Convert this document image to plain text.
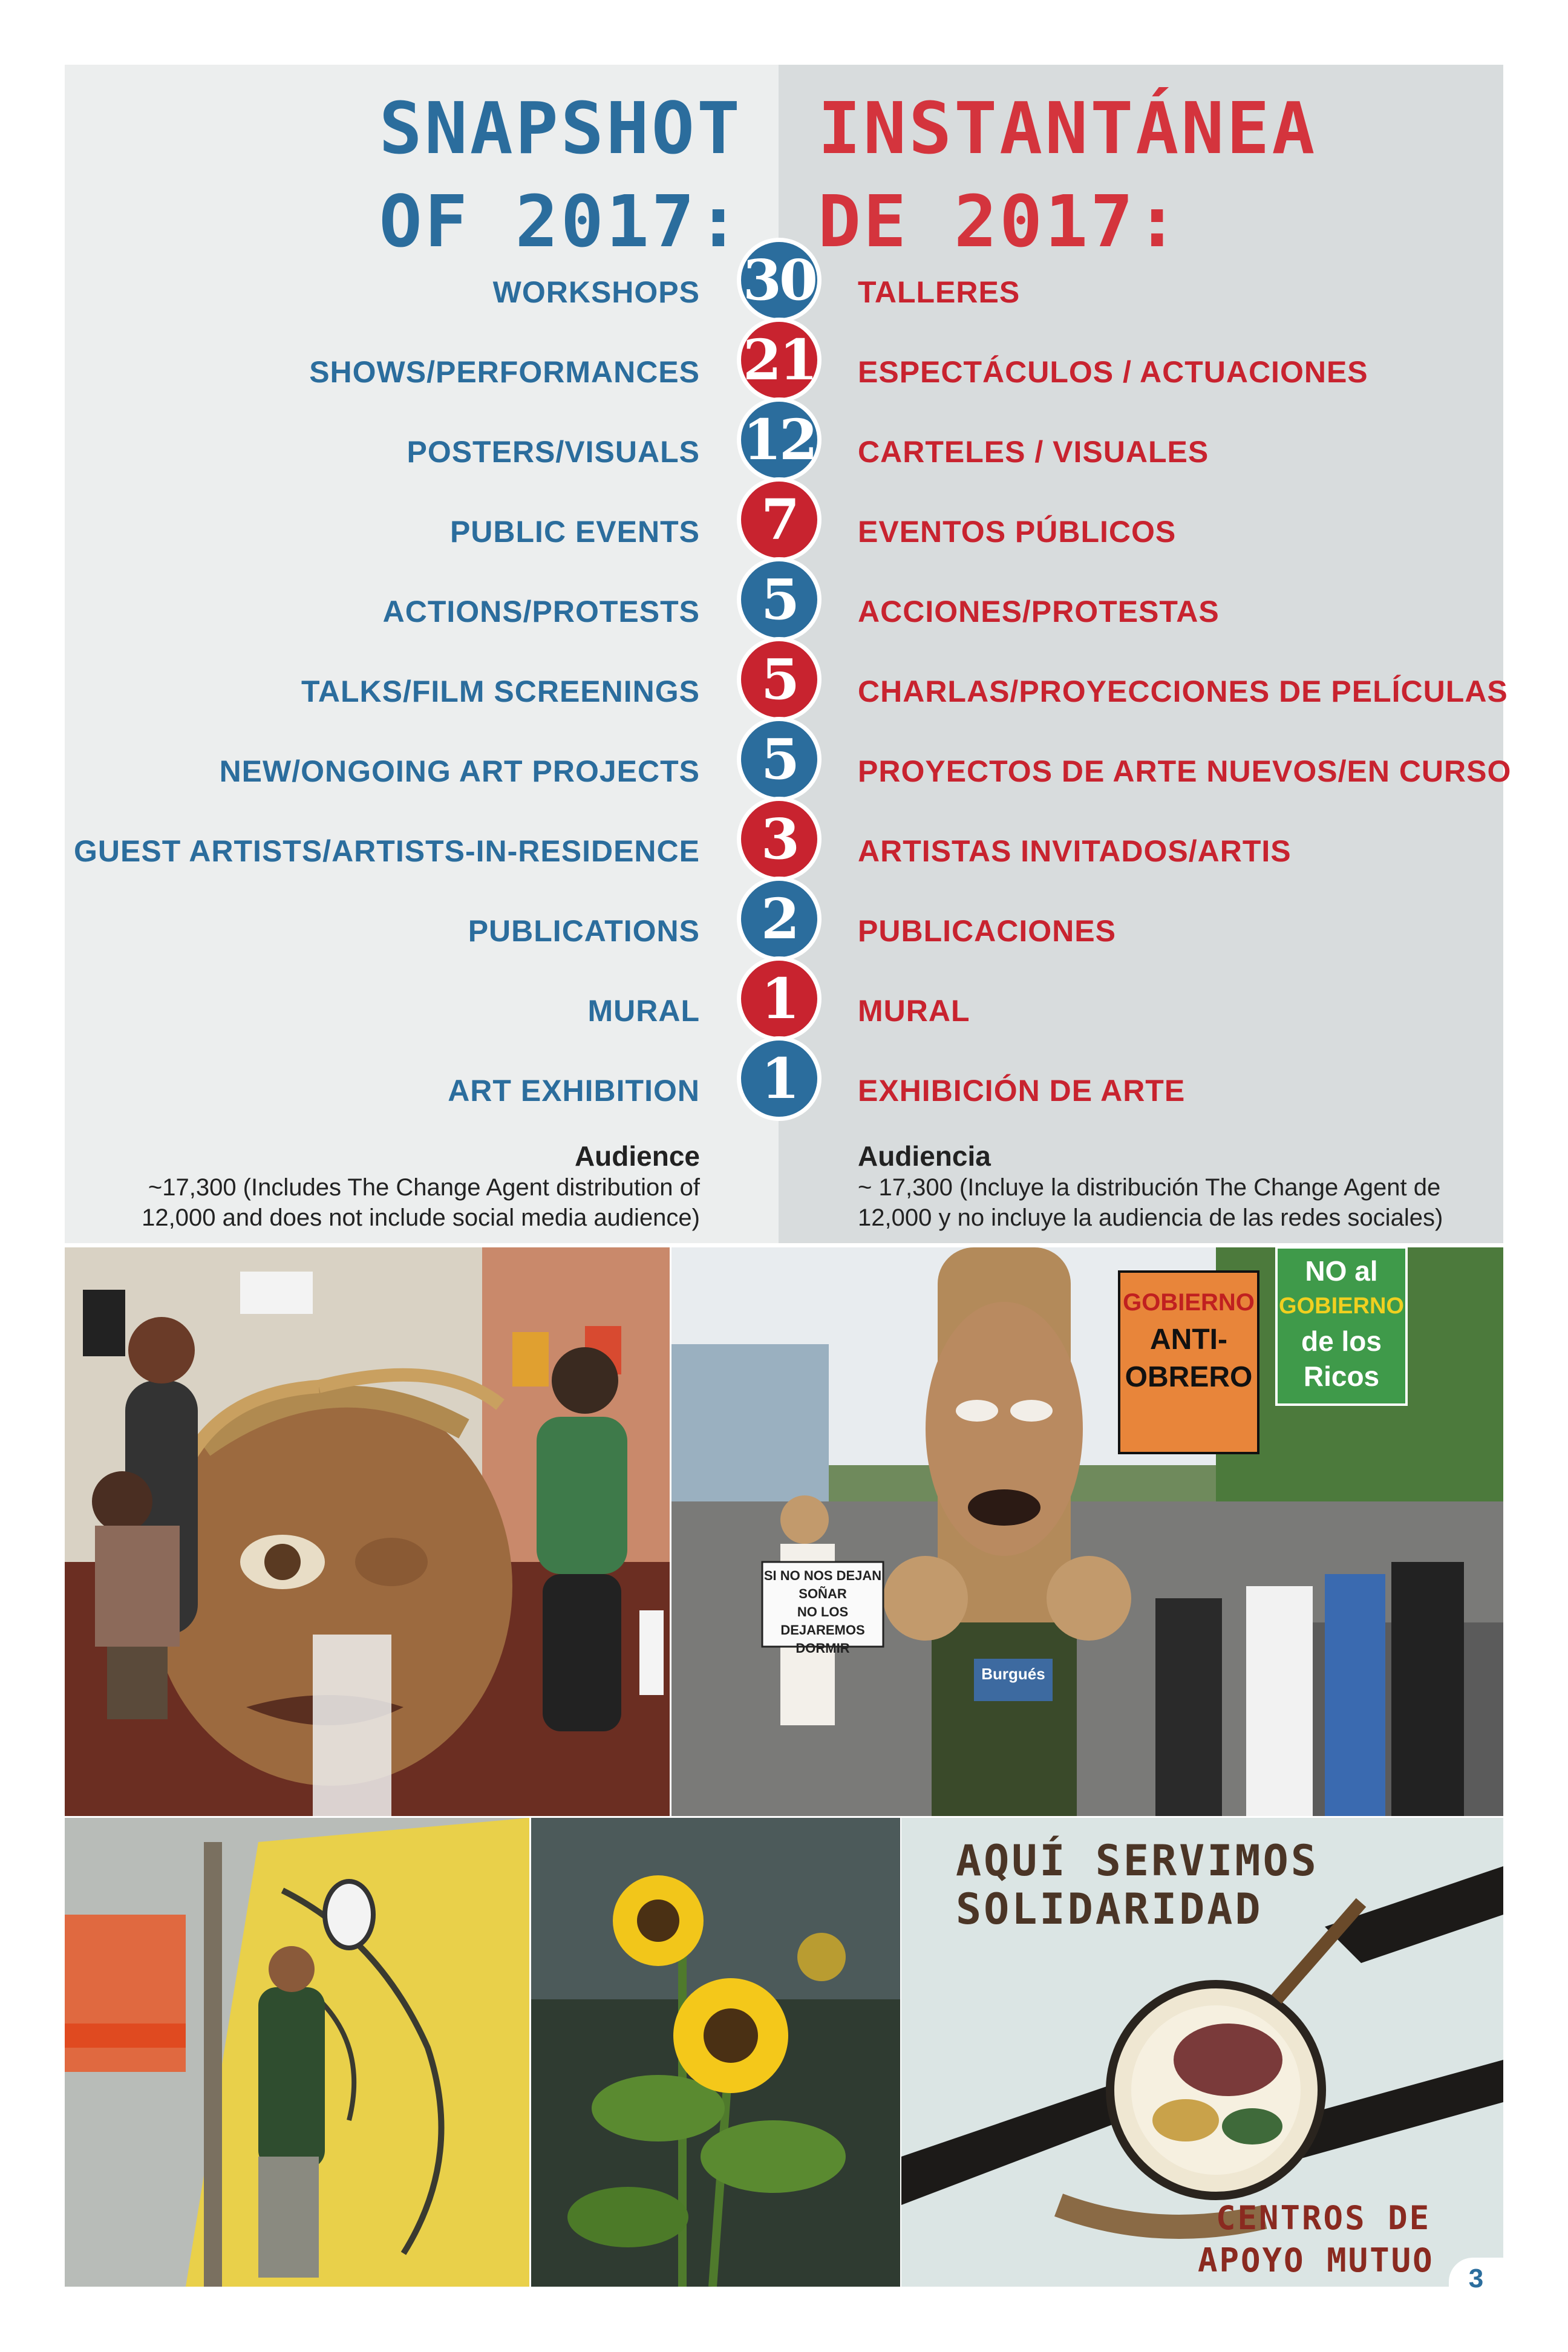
SNAPSHOT
OF 2017:
INSTANTÁNEA
DE 2017:
WORKSHOPS 30 TALLERES
SHOWS/PERFORMANCES 21 ESPECTÁCULOS / ACTUACIONES
POSTERS/VISUALS 12 CARTELES / VISUALES
PUBLIC EVENTS	7	EVENTOS PÚBLICOS
ACTIONS/PROTESTS	5	ACCIONES/PROTESTAS
TALKS/FILM SCREENINGS	5	CHARLAS/PROYECCIONES DE PELÍCULAS
NEW/ONGOING ART PROJECTS	5	PROYECTOS DE ARTE NUEVOS/EN CURSO
GUEST ARTISTS/ARTISTS-IN-RESIDENCE	3	ARTISTAS INVITADOS/ARTIS
PUBLICATIONS	2	PUBLICACIONES
MURAL	1	MURAL
ART EXHIBITION	1	EXHIBICIÓN DE ARTE
Audience
~17,300 (Includes The Change Agent distribution of
12,000 and does not include social media audience)
Audiencia
~ 17,300 (Incluye la distribución The Change Agent de
12,000 y no incluye la audiencia de las redes sociales)
GOBIERNO
ANTI-
OBRERO
NO al
GOBIERNO
de los
Ricos
SI NO NOS DEJAN
SOÑAR
NO LOS DEJAREMOS
DORMIR
Burgués
AQUÍ SERVIMOS
SOLIDARIDAD
CENTROS DE
APOYO MUTUO	3
